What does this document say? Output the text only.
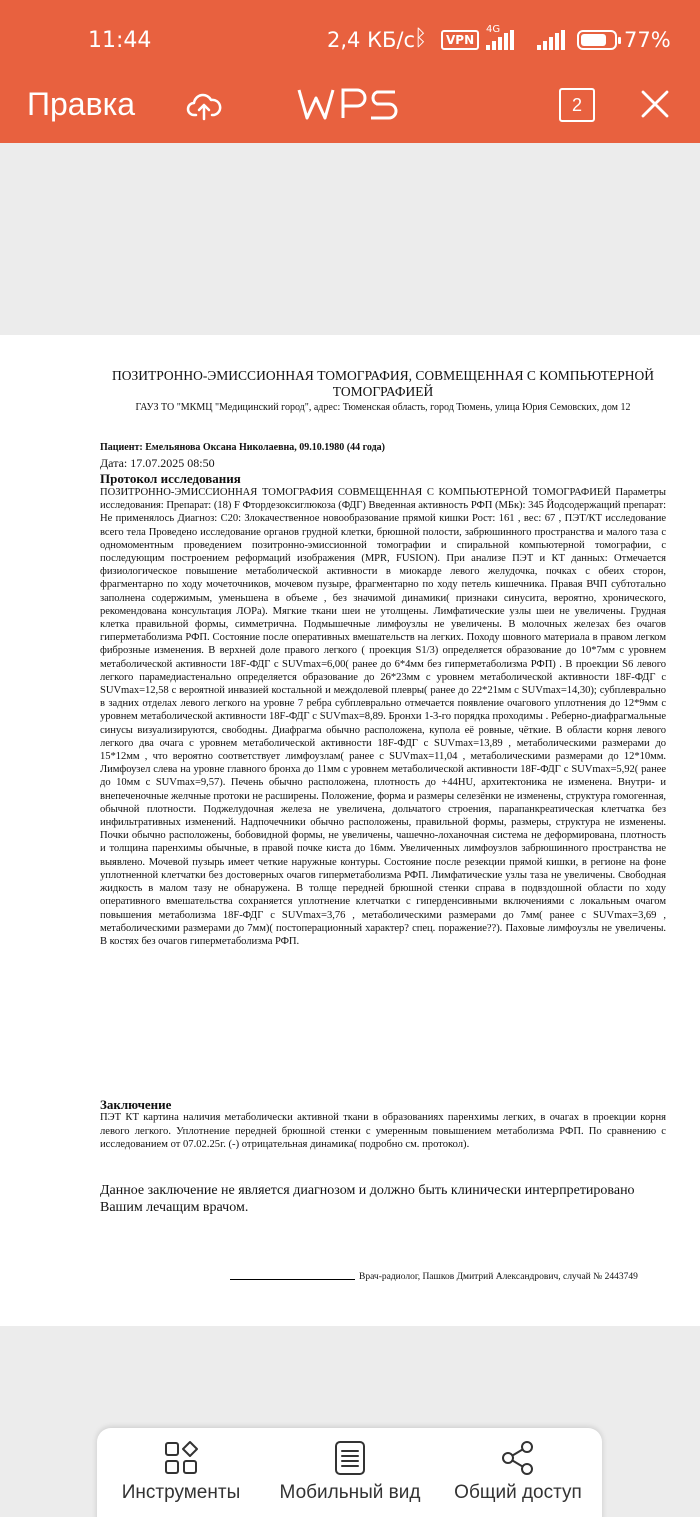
11:44	2,4 КБ/с
ᛒ	VPN
4G	77%
Правка	2
ПОЗИТРОННО-ЭМИССИОННАЯ ТОМОГРАФИЯ, СОВМЕЩЕННАЯ С КОМПЬЮТЕРНОЙ ТОМОГРАФИЕЙ
ГАУЗ ТО "МКМЦ "Медицинский город", адрес: Тюменская область, город Тюмень, улица Юрия Семовских, дом 12
Пациент: Емельянова Оксана Николаевна, 09.10.1980 (44 года)
Дата: 17.07.2025 08:50
Протокол исследования
ПОЗИТРОННО-ЭМИССИОННАЯ ТОМОГРАФИЯ СОВМЕЩЕННАЯ С КОМПЬЮТЕРНОЙ ТОМОГРАФИЕЙ Параметры исследования: Препарат: (18) F Фтордезоксиглюкоза (ФДГ) Введенная активность РФП (МБк): 345 Йодсодержащий препарат: Не применялось Диагноз: C20: Злокачественное новообразование прямой кишки Рост: 161 , вес: 67 , ПЭТ/КТ исследование всего тела Проведено исследование органов грудной клетки, брюшной полости, забрюшинного пространства и малого таза с одномоментным проведением позитронно-эмиссионной томографии и спиральной компьютерной томографии, с последующим построением реформаций изображения (MPR, FUSION). При анализе ПЭТ и КТ данных: Отмечается физиологическое повышение метаболической активности в миокарде левого желудочка, почках с обеих сторон, фрагментарно по ходу мочеточников, мочевом пузыре, фрагментарно по ходу петель кишечника. Правая ВЧП субтотально заполнена содержимым, уменьшена в объеме , без значимой динамики( признаки синусита, вероятно, хронического, рекомендована консультация ЛОРа). Мягкие ткани шеи не утолщены. Лимфатические узлы шеи не увеличены. Грудная клетка правильной формы, симметрична. Подмышечные лимфоузлы не увеличены. В молочных железах без очагов гиперметаболизма РФП. Состояние после оперативных вмешательств на легких. Походу шовного материала в правом легком фиброзные изменения. В верхней доле правого легкого ( проекция S1/3) определяется образование до 10*7мм с уровнем метаболической активности 18F-ФДГ с SUVmax=6,00( ранее до 6*4мм без гиперметаболизма РФП) . В проекции S6 левого легкого парамедиастенально определяется образование до 26*23мм с уровнем метаболической активности 18F-ФДГ с SUVmax=12,58 с вероятной инвазией костальной и междолевой плевры( ранее до 22*21мм с SUVmax=14,30); субплеврально в задних отделах левого легкого на уровне 7 ребра субплеврально отмечается появление очагового уплотнения до 12*9мм с уровнем метаболической активности 18F-ФДГ с SUVmax=8,89. Бронхи 1-3-го порядка проходимы . Реберно-диафрагмальные синусы визуализируются, свободны. Диафрагма обычно расположена, купола её ровные, чёткие. В области корня левого легкого два очага с уровнем метаболической активности 18F-ФДГ с SUVmax=13,89 , метаболическими размерами до 15*12мм , что вероятно соответствует лимфоузлам( ранее с SUVmax=11,04 , метаболическими размерами до 12*10мм. Лимфоузел слева на уровне главного бронха до 11мм с уровнем метаболической активности 18F-ФДГ с SUVmax=5,92( ранее до 10мм с SUVmax=9,57). Печень обычно расположена, плотность до +44HU, архитектоника не изменена. Внутри- и внепеченочные желчные протоки не расширены. Положение, форма и размеры селезёнки не изменены, структура гомогенная, обычной плотности. Поджелудочная железа не увеличена, дольчатого строения, парапанкреатическая клетчатка без инфильтративных изменений. Надпочечники обычно расположены, правильной формы, размеры, структура не изменены. Почки обычно расположены, бобовидной формы, не увеличены, чашечно-лоханочная система не деформирована, плотность и толщина паренхимы обычные, в правой почке киста до 16мм. Увеличенных лимфоузлов забрюшинного пространства не выявлено. Мочевой пузырь имеет четкие наружные контуры. Состояние после резекции прямой кишки, в регионе на фоне уплотненной клетчатки без достоверных очагов гиперметаболизма РФП. Лимфатические узлы таза не увеличены. Свободная жидкость в малом тазу не обнаружена. В толще передней брюшной стенки справа в подвздошной области по ходу оперативного вмешательства сохраняется уплотнение клетчатки с гиперденсивными включениями с локальным очагом повышения метаболизма 18F-ФДГ с SUVmax=3,76 , метаболическими размерами до 7мм( ранее с SUVmax=3,69 , метаболическими размерами до 7мм)( постоперационный характер? спец. поражение??). Паховые лимфоузлы не увеличены. В костях без очагов гиперметаболизма РФП.
Заключение
ПЭТ КТ картина наличия метаболически активной ткани в образованиях паренхимы легких, в очагах в проекции корня левого легкого. Уплотнение передней брюшной стенки с умеренным повышением метаболизма РФП. По сравнению с исследованием от 07.02.25г. (-) отрицательная динамика( подробно см. протокол).
Данное заключение не является диагнозом и должно быть клинически интерпретировано Вашим лечащим врачом.
Врач-радиолог, Пашков Дмитрий Александрович, случай № 2443749
Инструменты	Мобильный вид	Общий доступ
